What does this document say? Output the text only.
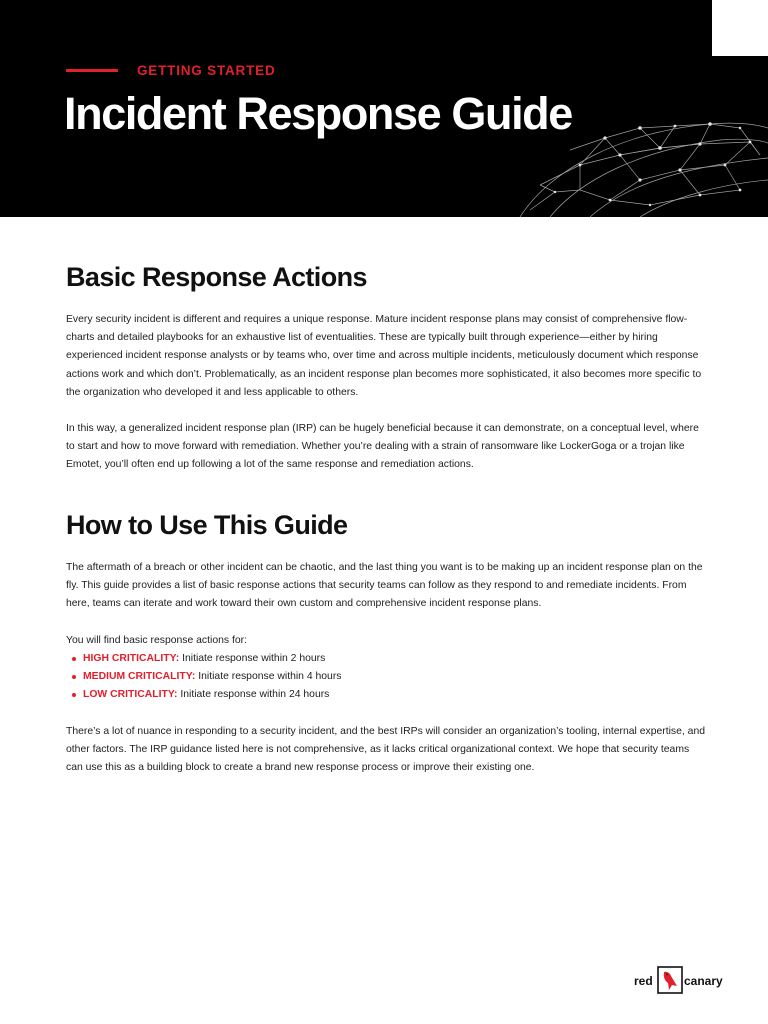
GETTING STARTED
Incident Response Guide
Basic Response Actions

Every security incident is different and requires a unique response. Mature incident response plans may consist of comprehensive flow-charts and detailed playbooks for an exhaustive list of eventualities. These are typically built through experience—either by hiring experienced incident response analysts or by teams who, over time and across multiple incidents, meticulously document which response actions work and which don’t. Problematically, as an incident response plan becomes more sophisticated, it also becomes more specific to the organization who developed it and less applicable to others.

In this way, a generalized incident response plan (IRP) can be hugely beneficial because it can demonstrate, on a conceptual level, where to start and how to move forward with remediation. Whether you’re dealing with a strain of ransomware like LockerGoga or a trojan like Emotet, you’ll often end up following a lot of the same response and remediation actions.

How to Use This Guide

The aftermath of a breach or other incident can be chaotic, and the last thing you want is to be making up an incident response plan on the fly. This guide provides a list of basic response actions that security teams can follow as they respond to and remediate incidents. From here, teams can iterate and work toward their own custom and comprehensive incident response plans.

You will find basic response actions for:

HIGH CRITICALITY: Initiate response within 2 hours
MEDIUM CRITICALITY: Initiate response within 4 hours
LOW CRITICALITY: Initiate response within 24 hours

There’s a lot of nuance in responding to a security incident, and the best IRPs will consider an organization’s tooling, internal expertise, and other factors. The IRP guidance listed here is not comprehensive, as it lacks critical organizational context. We hope that security teams can use this as a building block to create a brand new response process or improve their existing one.

red	canary
